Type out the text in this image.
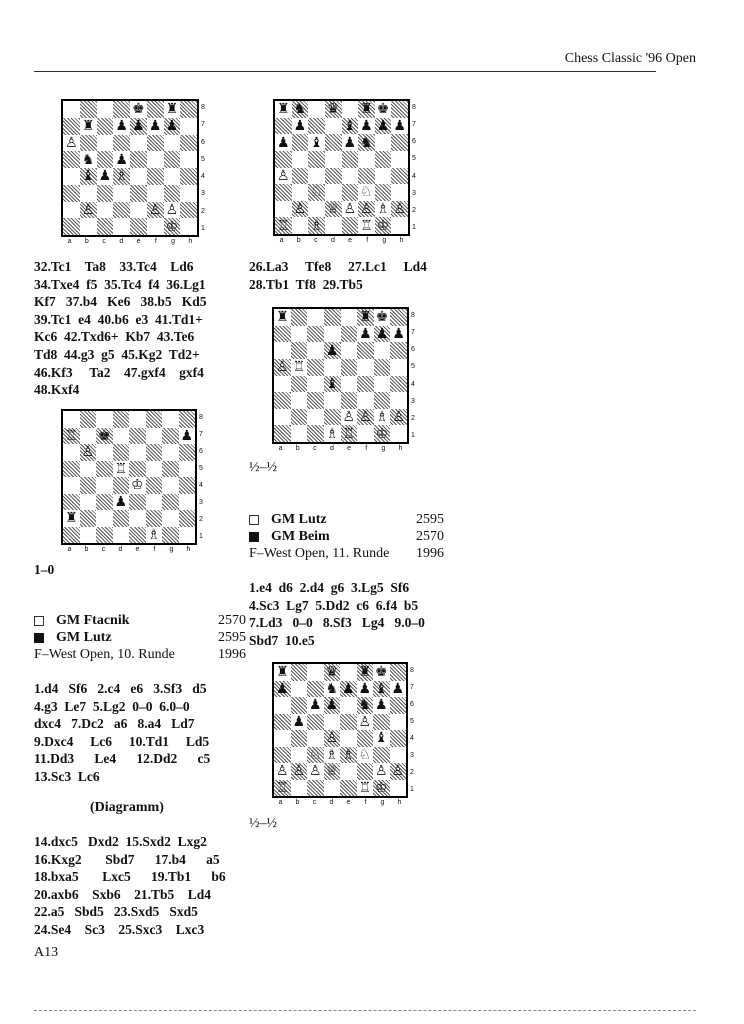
Chess Classic '96 Open
♚ ♜
♜ ♟ ♟ ♟ ♟
♙
♞ ♟
♝ ♟ ♗
♙	♙ ♙
♔
8
7
6
5
4
3
2
1
a	b	c	d	e	f	g	h
32.Tc1    Ta8    33.Tc4    Ld6
34.Txe4  f5  35.Tc4  f4  36.Lg1
Kf7   37.b4   Ke6   38.b5   Kd5
39.Tc1  e4  40.b6  e3  41.Td1+
Kc6  42.Txd6+  Kb7  43.Te6
Td8  44.g3  g5  45.Kg2  Td2+
46.Kf3     Ta2    47.gxf4    gxf4
48.Kxf4
♖ ♚	♟
♙
♖
♔
♟
♜
♗
8
7
6
5
4
3
2
1
a	b	c	d	e	f	g	h
1–0
GM Ftacnik	2570
GM Lutz	2595
F–West Open, 10. Runde	1996
1.d4   Sf6   2.c4   e6   3.Sf3   d5
4.g3  Le7  5.Lg2  0–0  6.0–0
dxc4   7.Dc2   a6   8.a4   Ld7
9.Dxc4     Lc6     10.Td1     Ld5
11.Dd3      Le4      12.Dd2      c5
13.Sc3  Lc6
(Diagramm)
14.dxc5   Dxd2  15.Sxd2  Lxg2
16.Kxg2       Sbd7      17.b4      a5
18.bxa5       Lxc5      19.Tb1      b6
20.axb6    Sxb6    21.Tb5    Ld4
22.a5   Sbd5   23.Sxd5   Sxd5
24.Se4    Sc3    25.Sxc3    Lxc3
A13
♜ ♞ ♛ ♜ ♚
♟	♝ ♟ ♟ ♟
♟ ♝ ♟ ♞
♙
♘	♘
♙ ♕ ♙ ♙ ♗ ♙
♖ ♗	♖ ♔
8
7
6
5
4
3
2
1
a	b	c	d	e	f	g	h
26.La3     Tfe8     27.Lc1     Ld4
28.Tb1  Tf8  29.Tb5
♜	♜ ♚
♟ ♟ ♟
♟
♙ ♖
♝
♙ ♙ ♗ ♙
♗ ♖ ♔
8
7
6
5
4
3
2
1
a	b	c	d	e	f	g	h
½–½
GM Lutz	2595
GM Beim	2570
F–West Open, 11. Runde 1996
1.e4  d6  2.d4  g6  3.Lg5  Sf6
4.Sc3  Lg7  5.Dd2  c6  6.f4  b5
7.Ld3   0–0   8.Sf3   Lg4   9.0–0
Sbd7  10.e5
♜	♛ ♜ ♚
♟	♞ ♟ ♟ ♝ ♟
♟ ♟ ♞ ♟
♟	♙
♙	♝
♘ ♗ ♗ ♘
♙ ♙ ♙ ♕	♙ ♙
♖	♖ ♔
8
7
6
5
4
3
2
1
a	b	c	d	e	f	g	h
½–½
